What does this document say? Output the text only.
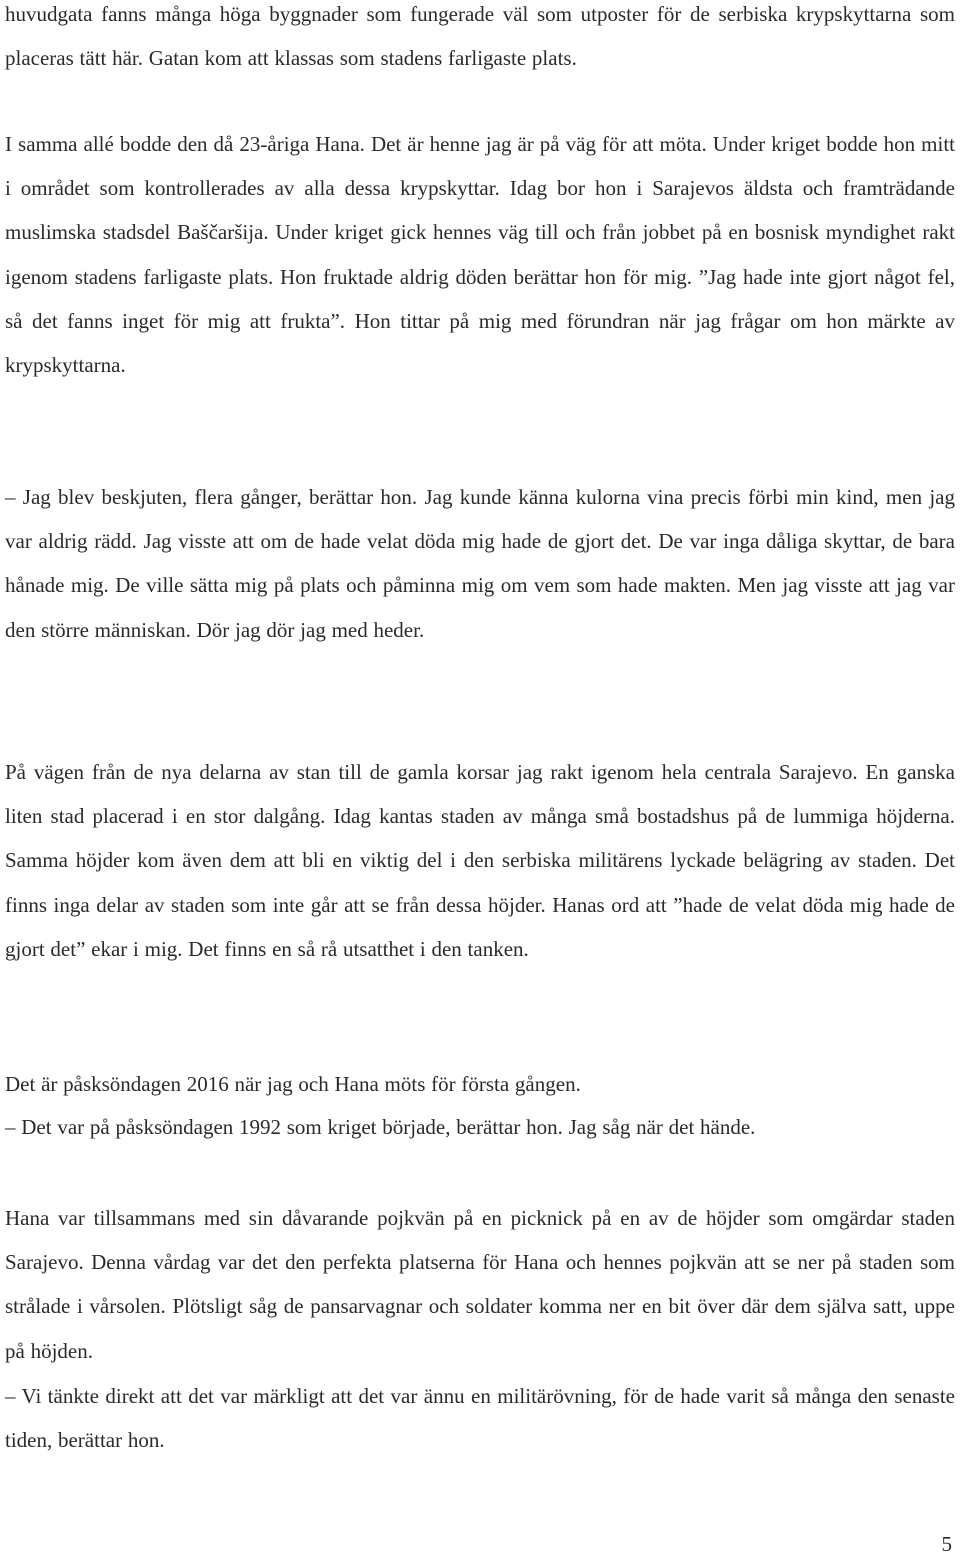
huvudgata fanns många höga byggnader som fungerade väl som utposter för de serbiska krypskyttarna som placeras tätt här. Gatan kom att klassas som stadens farligaste plats.

I samma allé bodde den då 23-åriga Hana. Det är henne jag är på väg för att möta. Under kriget bodde hon mitt i området som kontrollerades av alla dessa krypskyttar. Idag bor hon i Sarajevos äldsta och framträdande muslimska stadsdel Baščaršija. Under kriget gick hennes väg till och från jobbet på en bosnisk myndighet rakt igenom stadens farligaste plats. Hon fruktade aldrig döden berättar hon för mig. ”Jag hade inte gjort något fel, så det fanns inget för mig att frukta”. Hon tittar på mig med förundran när jag frågar om hon märkte av krypskyttarna.

– Jag blev beskjuten, flera gånger, berättar hon. Jag kunde känna kulorna vina precis förbi min kind, men jag var aldrig rädd. Jag visste att om de hade velat döda mig hade de gjort det. De var inga dåliga skyttar, de bara hånade mig. De ville sätta mig på plats och påminna mig om vem som hade makten. Men jag visste att jag var den större människan. Dör jag dör jag med heder.

På vägen från de nya delarna av stan till de gamla korsar jag rakt igenom hela centrala Sarajevo. En ganska liten stad placerad i en stor dalgång. Idag kantas staden av många små bostadshus på de lummiga höjderna. Samma höjder kom även dem att bli en viktig del i den serbiska militärens lyckade belägring av staden. Det finns inga delar av staden som inte går att se från dessa höjder. Hanas ord att ”hade de velat döda mig hade de gjort det” ekar i mig. Det finns en så rå utsatthet i den tanken.

Det är påsksöndagen 2016 när jag och Hana möts för första gången.

– Det var på påsksöndagen 1992 som kriget började, berättar hon. Jag såg när det hände.

Hana var tillsammans med sin dåvarande pojkvän på en picknick på en av de höjder som omgärdar staden Sarajevo. Denna vårdag var det den perfekta platserna för Hana och hennes pojkvän att se ner på staden som strålade i vårsolen. Plötsligt såg de pansarvagnar och soldater komma ner en bit över där dem själva satt, uppe på höjden.

– Vi tänkte direkt att det var märkligt att det var ännu en militärövning, för de hade varit så många den senaste tiden, berättar hon.

5
